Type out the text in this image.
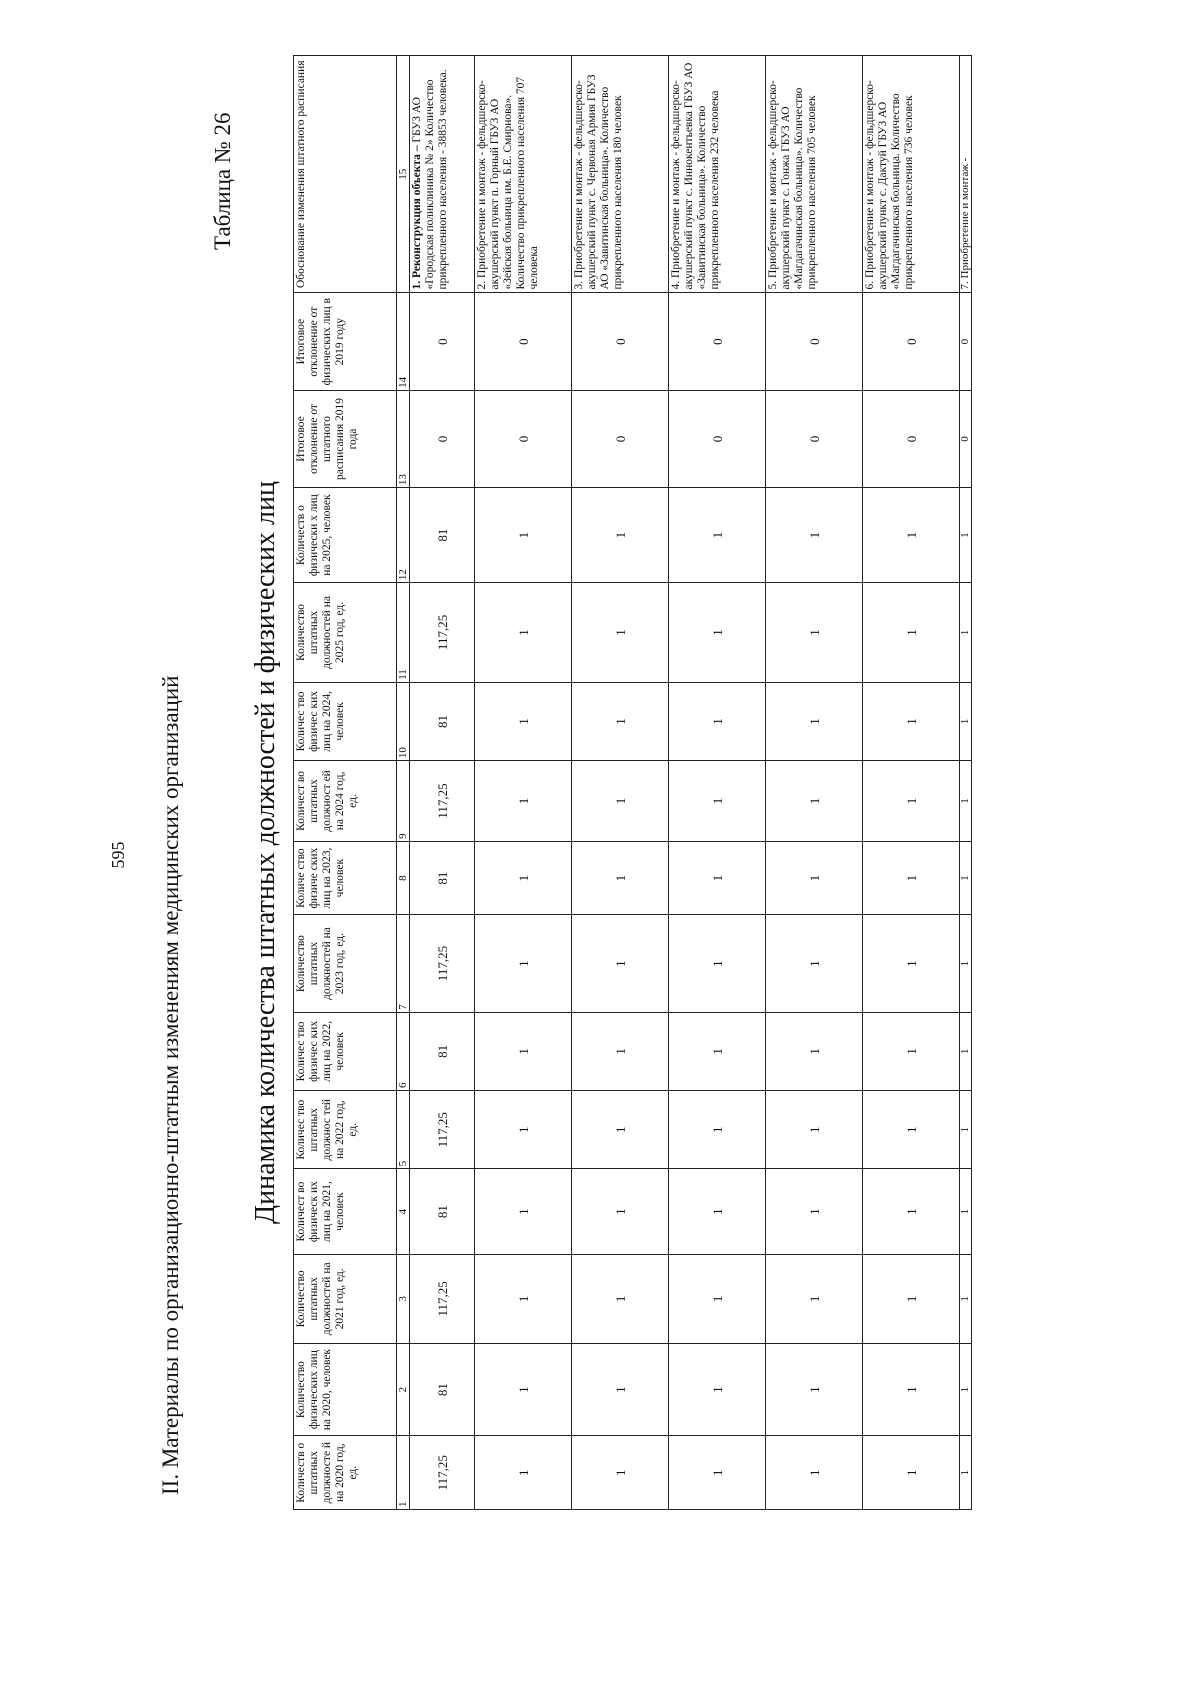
595 II. Материалы по организационно-штатным изменениям медицинских организаций
Таблица № 26
Динамика количества штатных должностей и физических лиц
Количеств о штатных должносте й на 2020 год, ед.	Количество физических лиц на 2020, человек	Количество штатных должностей на 2021 год, ед.	Количест во физическ их лиц на 2021, человек	Количес тво штатных должнос тей на 2022 год, ед.	Количес тво физичес ких лиц на 2022, человек	Количество штатных должностей на 2023 год, ед.	Количе ство физичe ских лиц на 2023, человек	Количест во штатных должност ей на 2024 год, ед.	Количес тво физичес ких лиц на 2024, человек	Количество штатных должностей на 2025 год, ед.	Количеств о физически х лиц на 2025, человек	Итоговое отклонение от штатного расписания 2019 года	Итоговое отклонение от физических лиц в 2019 году	Обоснование изменения штатного расписания
1	2	3	4	5	6	7	8	9	10	11	12	13	14	15
117,25	81	117,25	81	117,25	81	117,25	81	117,25	81	117,25	81	0	0	1. Реконструкция объекта – ГБУЗ АО «Городская поликлиника № 2» Количество прикрепленного населения - 38853 человека.
1	1	1	1	1	1	1	1	1	1	1	1	0	0	2. Приобретение и монтаж - фельдшерско-акушерский пункт п. Горный ГБУЗ АО «Зейская больница им. Б.Е. Смирнова». Количество прикрепленного населения 707 человека
1	1	1	1	1	1	1	1	1	1	1	1	0	0	3. Приобретение и монтаж - фельдшерско-акушерский пункт с. Червоная Армия ГБУЗ АО «Завитинская больница». Количество прикрепленного населения 180 человек
1	1	1	1	1	1	1	1	1	1	1	1	0	0	4. Приобретение и монтаж - фельдшерско-акушерский пункт с. Иннокентьевка ГБУЗ АО «Завитинская больница». Количество прикрепленного населения 232 человека
1	1	1	1	1	1	1	1	1	1	1	1	0	0	5. Приобретение и монтаж - фельдшерско-акушерский пункт с. Гонжа ГБУЗ АО «Магдагачинская больница». Количество прикрепленного населения 705 человек
1	1	1	1	1	1	1	1	1	1	1	1	0	0	6. Приобретение и монтаж - фельдшерско-акушерский пункт с. Дактуй ГБУЗ АО «Магдагачинская больница. Количество прикрепленного населения 736 человек
1	1	1	1	1	1	1	1	1	1	1	1	0	0	7. Приобретение и монтаж -
